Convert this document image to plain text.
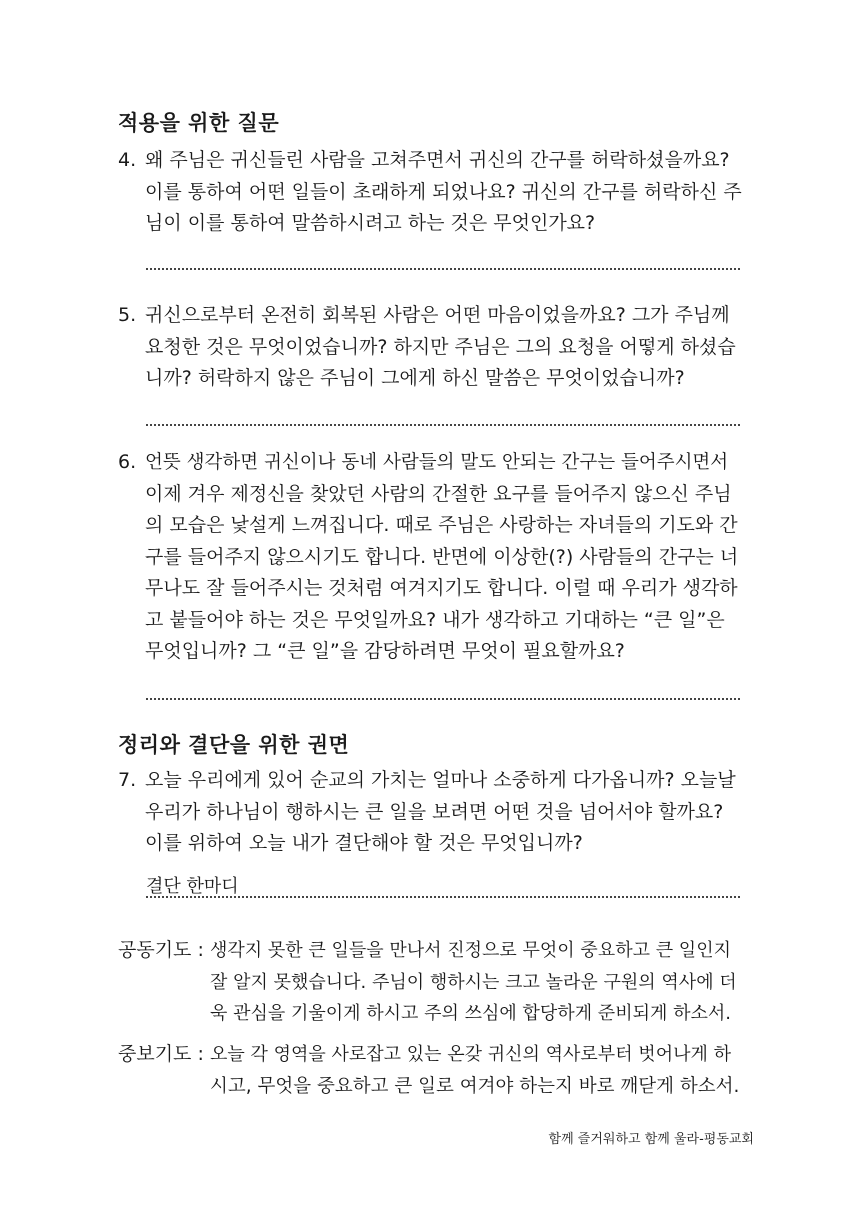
적용을 위한 질문
4. 왜 주님은 귀신들린 사람을 고쳐주면서 귀신의 간구를 허락하셨을까요?
이를 통하여 어떤 일들이 초래하게 되었나요? 귀신의 간구를 허락하신 주
님이 이를 통하여 말씀하시려고 하는 것은 무엇인가요?
5. 귀신으로부터 온전히 회복된 사람은 어떤 마음이었을까요? 그가 주님께
요청한 것은 무엇이었습니까? 하지만 주님은 그의 요청을 어떻게 하셨습
니까? 허락하지 않은 주님이 그에게 하신 말씀은 무엇이었습니까?
6. 언뜻 생각하면 귀신이나 동네 사람들의 말도 안되는 간구는 들어주시면서
이제 겨우 제정신을 찾았던 사람의 간절한 요구를 들어주지 않으신 주님
의 모습은 낯설게 느껴집니다. 때로 주님은 사랑하는 자녀들의 기도와 간
구를 들어주지 않으시기도 합니다. 반면에 이상한(?) 사람들의 간구는 너
무나도 잘 들어주시는 것처럼 여겨지기도 합니다. 이럴 때 우리가 생각하
고 붙들어야 하는 것은 무엇일까요? 내가 생각하고 기대하는 “큰 일”은
무엇입니까? 그 “큰 일”을 감당하려면 무엇이 필요할까요?
정리와 결단을 위한 권면
7. 오늘 우리에게 있어 순교의 가치는 얼마나 소중하게 다가옵니까? 오늘날
우리가 하나님이 행하시는 큰 일을 보려면 어떤 것을 넘어서야 할까요?
이를 위하여 오늘 내가 결단해야 할 것은 무엇입니까?
결단 한마디
공동기도 : 생각지 못한 큰 일들을 만나서 진정으로 무엇이 중요하고 큰 일인지
잘 알지 못했습니다. 주님이 행하시는 크고 놀라운 구원의 역사에 더
욱 관심을 기울이게 하시고 주의 쓰심에 합당하게 준비되게 하소서.
중보기도 : 오늘 각 영역을 사로잡고 있는 온갖 귀신의 역사로부터 벗어나게 하
시고, 무엇을 중요하고 큰 일로 여겨야 하는지 바로 깨닫게 하소서.
함께 즐거워하고 함께 울라-평동교회
